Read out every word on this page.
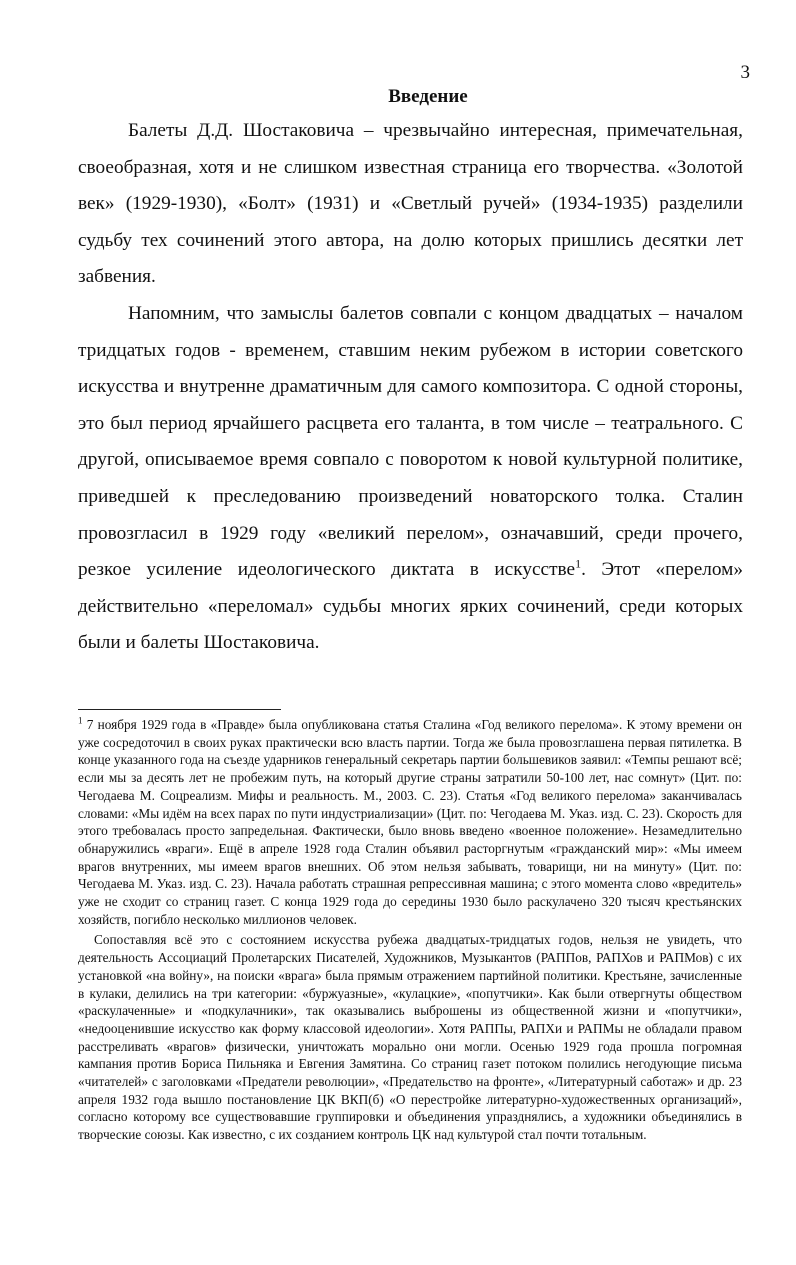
3
Введение

Балеты Д.Д. Шостаковича – чрезвычайно интересная, примечательная, своеобразная, хотя и не слишком известная страница его творчества. «Золотой век» (1929-1930), «Болт» (1931) и «Светлый ручей» (1934-1935) разделили судьбу тех сочинений этого автора, на долю которых пришлись десятки лет забвения.

Напомним, что замыслы балетов совпали с концом двадцатых – началом тридцатых годов - временем, ставшим неким рубежом в истории советского искусства и внутренне драматичным для самого композитора. С одной стороны, это был период ярчайшего расцвета его таланта, в том числе – театрального. С другой, описываемое время совпало с поворотом к новой культурной политике, приведшей к преследованию произведений новаторского толка. Сталин провозгласил в 1929 году «великий перелом», означавший, среди прочего, резкое усиление идеологического диктата в искусстве$^1$. Этот «перелом» действительно «переломал» судьбы многих ярких сочинений, среди которых были и балеты Шостаковича.

$^1$ 7 ноября 1929 года в «Правде» была опубликована статья Сталина «Год великого перелома». К этому времени он уже сосредоточил в своих руках практически всю власть партии. Тогда же была провозглашена первая пятилетка. В конце указанного года на съезде ударников генеральный секретарь партии большевиков заявил: «Темпы решают всё; если мы за десять лет не пробежим путь, на который другие страны затратили 50-100 лет, нас сомнут» (Цит. по: Чегодаева М. Соцреализм. Мифы и реальность. М., 2003. С. 23). Статья «Год великого перелома» заканчивалась словами: «Мы идём на всех парах по пути индустриализации» (Цит. по: Чегодаева М. Указ. изд. С. 23). Скорость для этого требовалась просто запредельная. Фактически, было вновь введено «военное положение». Незамедлительно обнаружились «враги». Ещё в апреле 1928 года Сталин объявил расторгнутым «гражданский мир»: «Мы имеем врагов внутренних, мы имеем врагов внешних. Об этом нельзя забывать, товарищи, ни на минуту» (Цит. по: Чегодаева М. Указ. изд. С. 23). Начала работать страшная репрессивная машина; с этого момента слово «вредитель» уже не сходит со страниц газет. С конца 1929 года до середины 1930 было раскулачено 320 тысяч крестьянских хозяйств, погибло несколько миллионов человек.

Сопоставляя всё это с состоянием искусства рубежа двадцатых-тридцатых годов, нельзя не увидеть, что деятельность Ассоциаций Пролетарских Писателей, Художников, Музыкантов (РАППов, РАПХов и РАПМов) с их установкой «на войну», на поиски «врага» была прямым отражением партийной политики. Крестьяне, зачисленные в кулаки, делились на три категории: «буржуазные», «кулацкие», «попутчики». Как были отвергнуты обществом «раскулаченные» и «подкулачники», так оказывались выброшены из общественной жизни и «попутчики», «недооценившие искусство как форму классовой идеологии». Хотя РАППы, РАПХи и РАПМы не обладали правом расстреливать «врагов» физически, уничтожать морально они могли. Осенью 1929 года прошла погромная кампания против Бориса Пильняка и Евгения Замятина. Со страниц газет потоком полились негодующие письма «читателей» с заголовками «Предатели революции», «Предательство на фронте», «Литературный саботаж» и др. 23 апреля 1932 года вышло постановление ЦК ВКП(б) «О перестройке литературно-художественных организаций», согласно которому все существовавшие группировки и объединения упразднялись, а художники объединялись в творческие союзы. Как известно, с их созданием контроль ЦК над культурой стал почти тотальным.
